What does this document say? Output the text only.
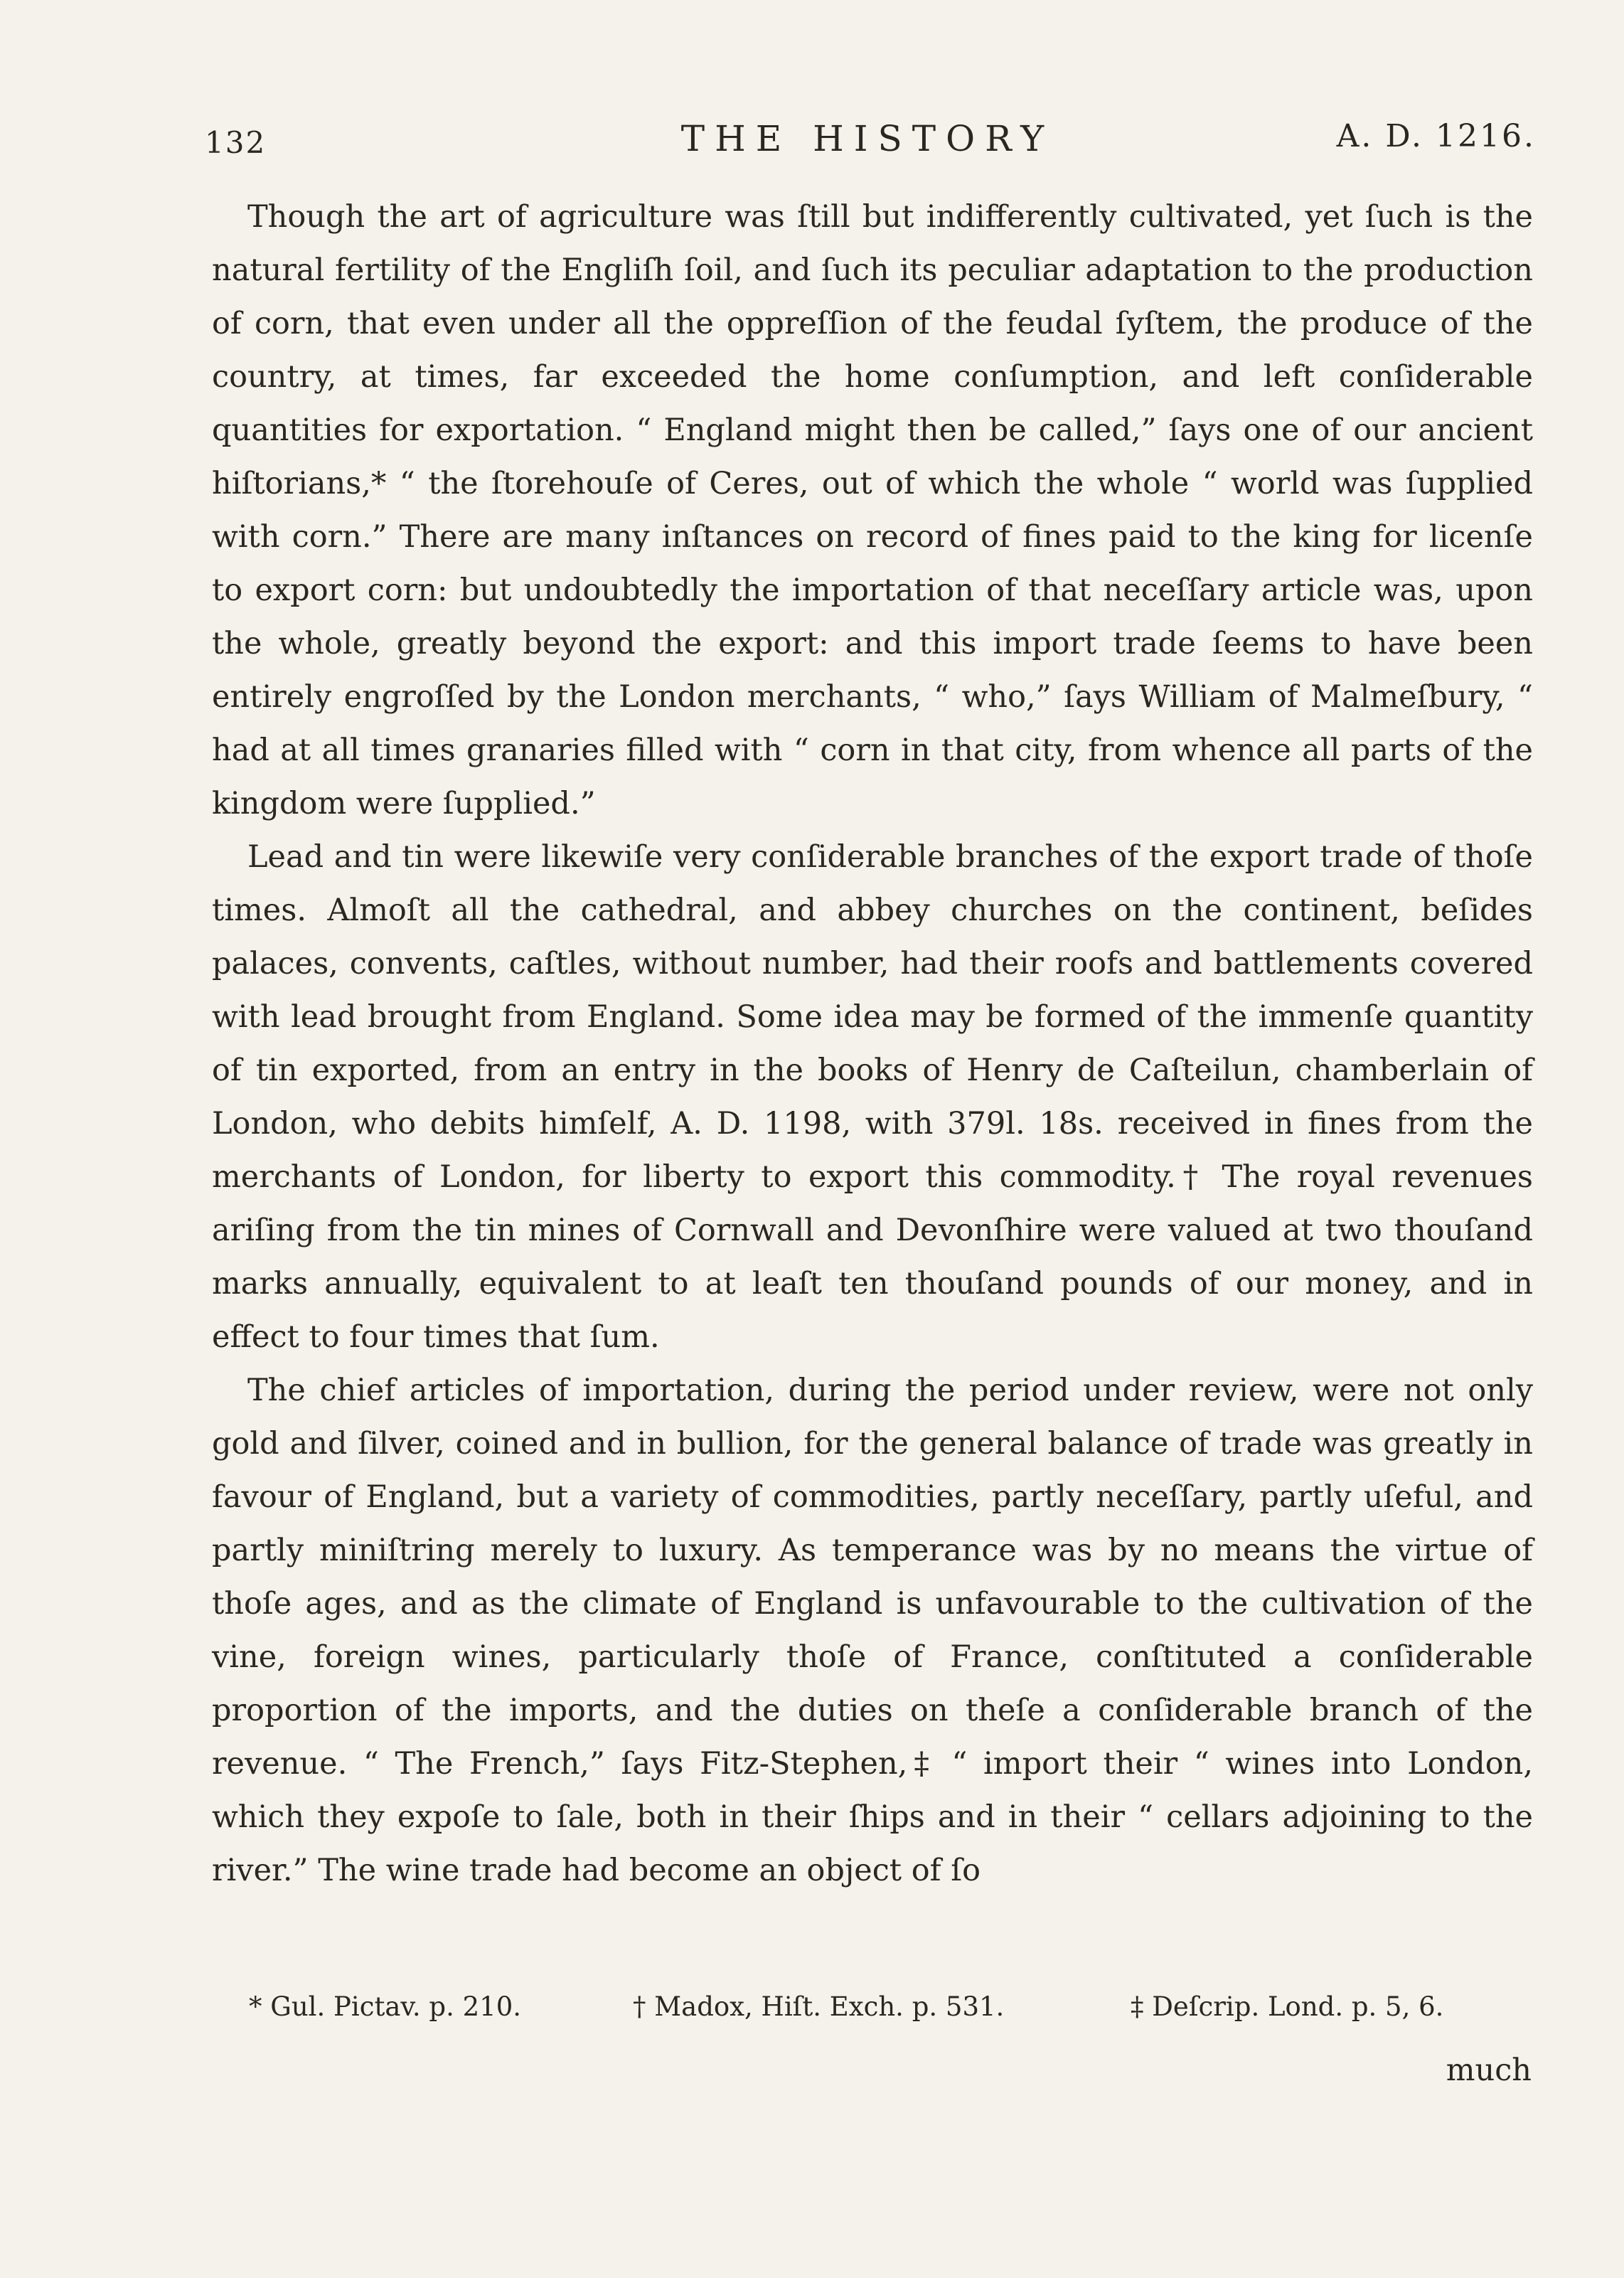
132	THE HISTORY	A. D. 1216.

Though the art of agriculture was ſtill but indifferently cultivated, yet ſuch is the natural fertility of the Engliſh ſoil, and ſuch its peculiar adaptation to the production of corn, that even under all the oppreſſion of the feudal ſyſtem, the produce of the country, at times, far exceeded the home conſumption, and left conſiderable quantities for exportation. “ England might then be called,” ſays one of our ancient hiſtorians,* “ the ſtorehouſe of Ceres, out of which the whole “ world was ſupplied with corn.” There are many inſtances on record of fines paid to the king for licenſe to export corn: but undoubtedly the importation of that neceſſary article was, upon the whole, greatly beyond the export: and this import trade ſeems to have been entirely engroſſed by the London merchants, “ who,” ſays William of Malmeſbury, “ had at all times granaries filled with “ corn in that city, from whence all parts of the kingdom were ſupplied.”

Lead and tin were likewiſe very conſiderable branches of the export trade of thoſe times. Almoſt all the cathedral, and abbey churches on the continent, beſides palaces, convents, caſtles, without number, had their roofs and battlements covered with lead brought from England. Some idea may be formed of the immenſe quantity of tin exported, from an entry in the books of Henry de Caſteilun, chamberlain of London, who debits himſelf, A. D. 1198, with 379l. 18s. received in fines from the merchants of London, for liberty to export this commodity.† The royal revenues ariſing from the tin mines of Cornwall and Devonſhire were valued at two thouſand marks annually, equivalent to at leaſt ten thouſand pounds of our money, and in effect to four times that ſum.

The chief articles of importation, during the period under review, were not only gold and ſilver, coined and in bullion, for the general balance of trade was greatly in favour of England, but a variety of commodities, partly neceſſary, partly uſeful, and partly miniſtring merely to luxury. As temperance was by no means the virtue of thoſe ages, and as the climate of England is unfavourable to the cultivation of the vine, foreign wines, particularly thoſe of France, conſtituted a conſiderable proportion of the imports, and the duties on theſe a conſiderable branch of the revenue. “ The French,” ſays Fitz-Stephen,‡ “ import their “ wines into London, which they expoſe to ſale, both in their ſhips and in their “ cellars adjoining to the river.” The wine trade had become an object of ſo

* Gul. Pictav. p. 210.	† Madox, Hiſt. Exch. p. 531.	‡ Deſcrip. Lond. p. 5, 6.
much
